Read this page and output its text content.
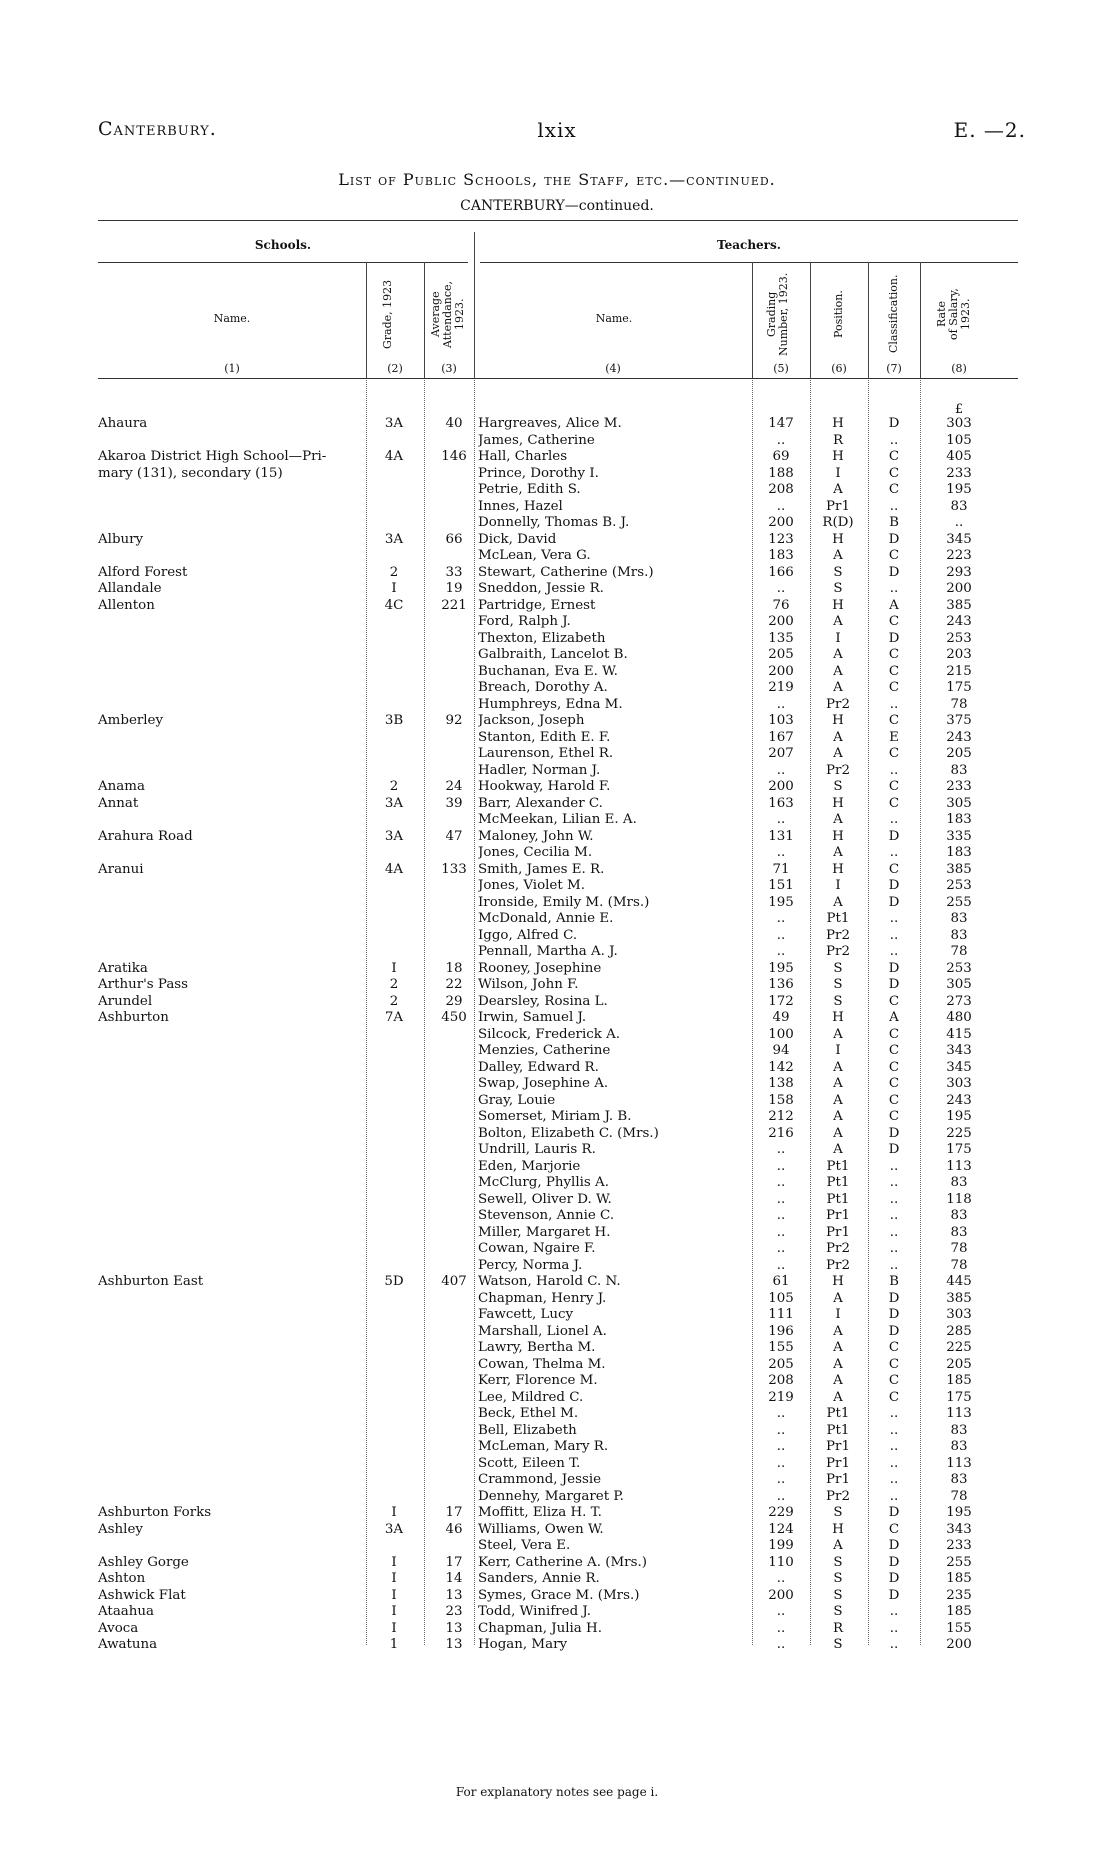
Canterbury.	lxix	E. —2.
List of Public Schools, the Staff, etc.—continued.
CANTERBURY—continued.
Schools.	Teachers.
Name.	Grade, 1923	Average
Attendance,
1923.	Name.	Grading
Number, 1923.
Position.	Classification.	Rate
of Salary,
1923.
(1)	(2)	(3)	(4)	(5)	(6)	(7)	(8)
£
Ahaura	3A	40	Hargreaves, Alice M.	147	H	D	303
James, Catherine	..	R	..	105
Akaroa District High School—Pri-	4A	146 Hall, Charles	69	H	C	405
mary (131), secondary (15)	Prince, Dorothy I.	188	I	C	233
Petrie, Edith S.	208	A	C	195
Innes, Hazel	..	Pr1	..	83
Donnelly, Thomas B. J.	200	R(D)	B	..
Albury	3A	66	Dick, David	123	H	D	345
McLean, Vera G.	183	A	C	223
Alford Forest	2	33	Stewart, Catherine (Mrs.)	166	S	D	293
Allandale	I	19	Sneddon, Jessie R.	..	S	..	200
Allenton	4C	221 Partridge, Ernest	76	H	A	385
Ford, Ralph J.	200	A	C	243
Thexton, Elizabeth	135	I	D	253
Galbraith, Lancelot B.	205	A	C	203
Buchanan, Eva E. W.	200	A	C	215
Breach, Dorothy A.	219	A	C	175
Humphreys, Edna M.	..	Pr2	..	78
Amberley	3B	92	Jackson, Joseph	103	H	C	375
Stanton, Edith E. F.	167	A	E	243
Laurenson, Ethel R.	207	A	C	205
Hadler, Norman J.	..	Pr2	..	83
Anama	2	24	Hookway, Harold F.	200	S	C	233
Annat	3A	39	Barr, Alexander C.	163	H	C	305
McMeekan, Lilian E. A.	..	A	..	183
Arahura Road	3A	47	Maloney, John W.	131	H	D	335
Jones, Cecilia M.	..	A	..	183
Aranui	4A	133 Smith, James E. R.	71	H	C	385
Jones, Violet M.	151	I	D	253
Ironside, Emily M. (Mrs.)	195	A	D	255
McDonald, Annie E.	..	Pt1	..	83
Iggo, Alfred C.	..	Pr2	..	83
Pennall, Martha A. J.	..	Pr2	..	78
Aratika	I	18	Rooney, Josephine	195	S	D	253
Arthur's Pass	2	22	Wilson, John F.	136	S	D	305
Arundel	2	29	Dearsley, Rosina L.	172	S	C	273
Ashburton	7A	450 Irwin, Samuel J.	49	H	A	480
Silcock, Frederick A.	100	A	C	415
Menzies, Catherine	94	I	C	343
Dalley, Edward R.	142	A	C	345
Swap, Josephine A.	138	A	C	303
Gray, Louie	158	A	C	243
Somerset, Miriam J. B.	212	A	C	195
Bolton, Elizabeth C. (Mrs.)	216	A	D	225
Undrill, Lauris R.	..	A	D	175
Eden, Marjorie	..	Pt1	..	113
McClurg, Phyllis A.	..	Pt1	..	83
Sewell, Oliver D. W.	..	Pt1	..	118
Stevenson, Annie C.	..	Pr1	..	83
Miller, Margaret H.	..	Pr1	..	83
Cowan, Ngaire F.	..	Pr2	..	78
Percy, Norma J.	..	Pr2	..	78
Ashburton East	5D	407 Watson, Harold C. N.	61	H	B	445
Chapman, Henry J.	105	A	D	385
Fawcett, Lucy	111	I	D	303
Marshall, Lionel A.	196	A	D	285
Lawry, Bertha M.	155	A	C	225
Cowan, Thelma M.	205	A	C	205
Kerr, Florence M.	208	A	C	185
Lee, Mildred C.	219	A	C	175
Beck, Ethel M.	..	Pt1	..	113
Bell, Elizabeth	..	Pt1	..	83
McLeman, Mary R.	..	Pr1	..	83
Scott, Eileen T.	..	Pr1	..	113
Crammond, Jessie	..	Pr1	..	83
Dennehy, Margaret P.	..	Pr2	..	78
Ashburton Forks	I	17	Moffitt, Eliza H. T.	229	S	D	195
Ashley	3A	46	Williams, Owen W.	124	H	C	343
Steel, Vera E.	199	A	D	233
Ashley Gorge	I	17	Kerr, Catherine A. (Mrs.)	110	S	D	255
Ashton	I	14	Sanders, Annie R.	..	S	D	185
Ashwick Flat	I	13	Symes, Grace M. (Mrs.)	200	S	D	235
Ataahua	I	23	Todd, Winifred J.	..	S	..	185
Avoca	I	13	Chapman, Julia H.	..	R	..	155
Awatuna	1	13	Hogan, Mary	..	S	..	200
For explanatory notes see page i.
